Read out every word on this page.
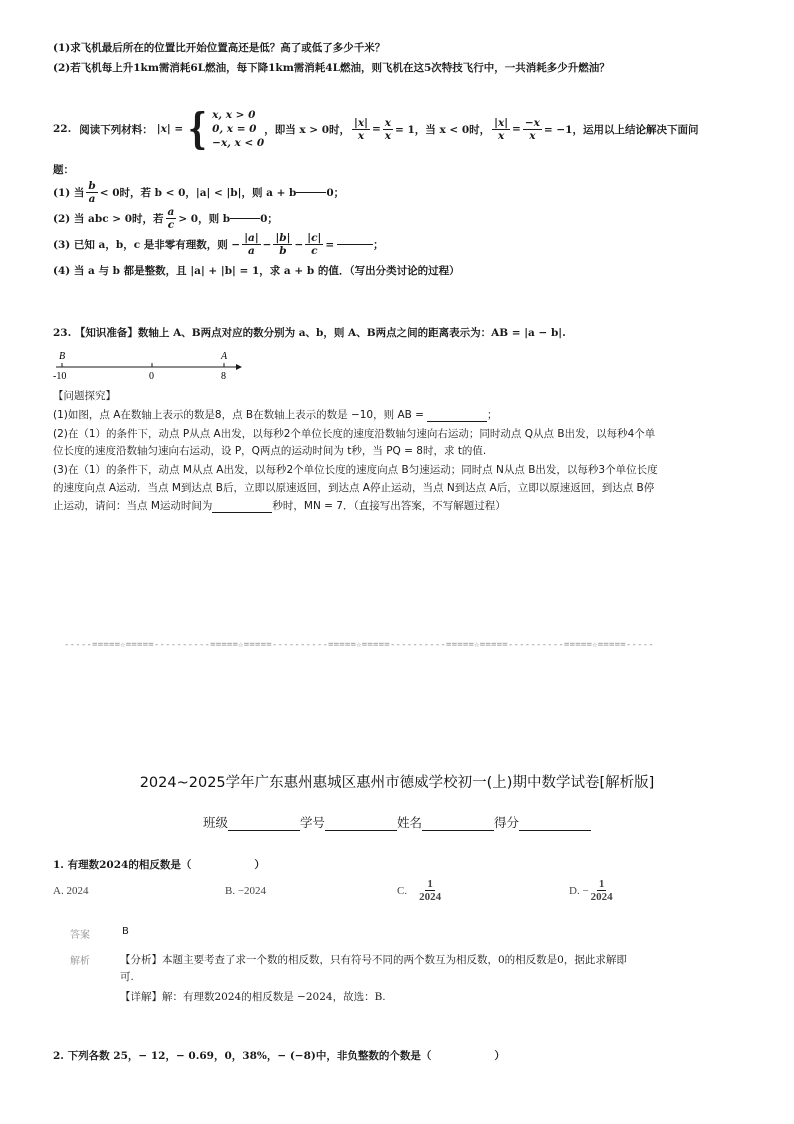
(1)求飞机最后所在的位置比开始位置高还是低？高了或低了多少千米？
(2)若飞机每上升1km需消耗6L燃油，每下降1km需消耗4L燃油，则飞机在这5次特技飞行中，一共消耗多少升燃油？
22. 阅读下列材料： |x| = { x, x > 0
0, x = 0
−x, x < 0
，即当 x > 0时， $\frac{|x|}{x} = \frac{x}{x} = 1$，当 x < 0时， $\frac{|x|}{x} = \frac{-x}{x} = -1$，运用以上结论解决下面问
题：
(1) 当 $\frac{b}{a} < 0$时，若 b < 0，|a| < |b|，则 a + b	0；
(2) 当 abc > 0时，若 $\frac{a}{c} > 0$，则 b	0；
(3) 已知 a，b，c 是非零有理数，则 − $\frac{|a|}{a} - \frac{|b|}{b} - \frac{|c|}{c}$ =	；
(4) 当 a 与 b 都是整数，且 |a| + |b| = 1，求 a + b 的值．（写出分类讨论的过程）
23. 【知识准备】数轴上 A、B两点对应的数分别为 a、b，则 A、B两点之间的距离表示为：AB = |a − b|.
B	A
-10	0	8
【问题探究】
(1)如图，点 A在数轴上表示的数是8，点 B在数轴上表示的数是 −10，则 AB =	；
(2)在（1）的条件下，动点 P从点 A出发，以每秒2个单位长度的速度沿数轴匀速向右运动；同时动点 Q从点 B出发，以每秒4个单
位长度的速度沿数轴匀速向右运动，设 P，Q两点的运动时间为 t秒，当 PQ = 8时，求 t的值.
(3)在（1）的条件下，动点 M从点 A出发，以每秒2个单位长度的速度向点 B匀速运动；同时点 N从点 B出发，以每秒3个单位长度
的速度向点 A运动．当点 M到达点 B后，立即以原速返回，到达点 A停止运动，当点 N到达点 A后，立即以原速返回，到达点 B停
止运动，请问：当点 M运动时间为	秒时，MN = 7．（直接写出答案，不写解题过程）
-----=====☆=====----------=====☆=====----------=====☆=====----------=====☆=====----------=====☆=====-----
2024~2025学年广东惠州惠城区惠州市德威学校初一(上)期中数学试卷[解析版]
班级	学号	姓名	得分
1. 有理数2024的相反数是（　　　　　　）
A. 2024	B. −2024	C. $\frac{1}{2024}$	D. − $\frac{1}{2024}$
答案	B
解析	【分析】本题主要考查了求一个数的相反数，只有符号不同的两个数互为相反数，0的相反数是0，据此求解即
可.
【详解】解：有理数2024的相反数是 −2024，故选：B.
2. 下列各数 25，− 12，− 0.69，0，38%，− (−8)中，非负整数的个数是（　　　　　　）
